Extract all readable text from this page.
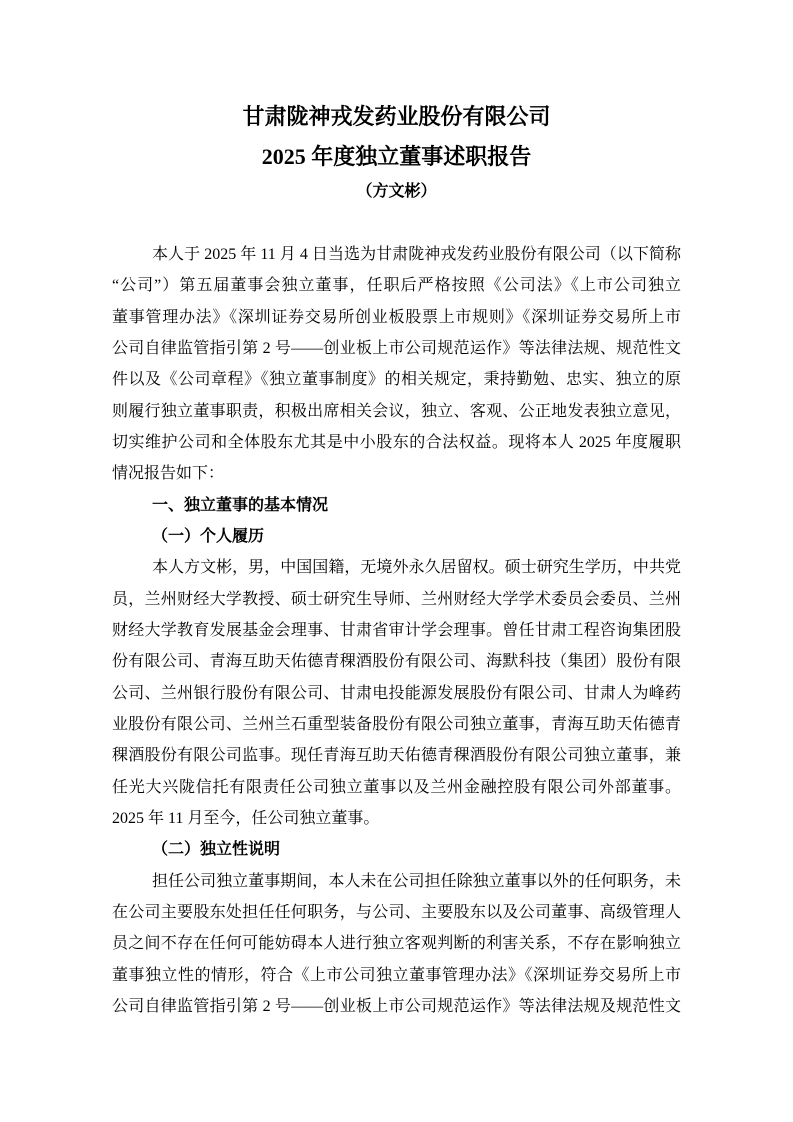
甘肃陇神戎发药业股份有限公司
2025 年度独立董事述职报告
（方文彬）
本人于 2025 年 11 月 4 日当选为甘肃陇神戎发药业股份有限公司（以下简称
“公司”）第五届董事会独立董事，任职后严格按照《公司法》《上市公司独立
董事管理办法》《深圳证券交易所创业板股票上市规则》《深圳证券交易所上市
公司自律监管指引第 2 号——创业板上市公司规范运作》等法律法规、规范性文
件以及《公司章程》《独立董事制度》的相关规定，秉持勤勉、忠实、独立的原
则履行独立董事职责，积极出席相关会议，独立、客观、公正地发表独立意见，
切实维护公司和全体股东尤其是中小股东的合法权益。现将本人 2025 年度履职
情况报告如下：
一、独立董事的基本情况
（一）个人履历
本人方文彬，男，中国国籍，无境外永久居留权。硕士研究生学历，中共党
员，兰州财经大学教授、硕士研究生导师、兰州财经大学学术委员会委员、兰州
财经大学教育发展基金会理事、甘肃省审计学会理事。曾任甘肃工程咨询集团股
份有限公司、青海互助天佑德青稞酒股份有限公司、海默科技（集团）股份有限
公司、兰州银行股份有限公司、甘肃电投能源发展股份有限公司、甘肃人为峰药
业股份有限公司、兰州兰石重型装备股份有限公司独立董事，青海互助天佑德青
稞酒股份有限公司监事。现任青海互助天佑德青稞酒股份有限公司独立董事，兼
任光大兴陇信托有限责任公司独立董事以及兰州金融控股有限公司外部董事。
2025 年 11 月至今，任公司独立董事。
（二）独立性说明
担任公司独立董事期间，本人未在公司担任除独立董事以外的任何职务，未
在公司主要股东处担任任何职务，与公司、主要股东以及公司董事、高级管理人
员之间不存在任何可能妨碍本人进行独立客观判断的利害关系，不存在影响独立
董事独立性的情形，符合《上市公司独立董事管理办法》《深圳证券交易所上市
公司自律监管指引第 2 号——创业板上市公司规范运作》等法律法规及规范性文
